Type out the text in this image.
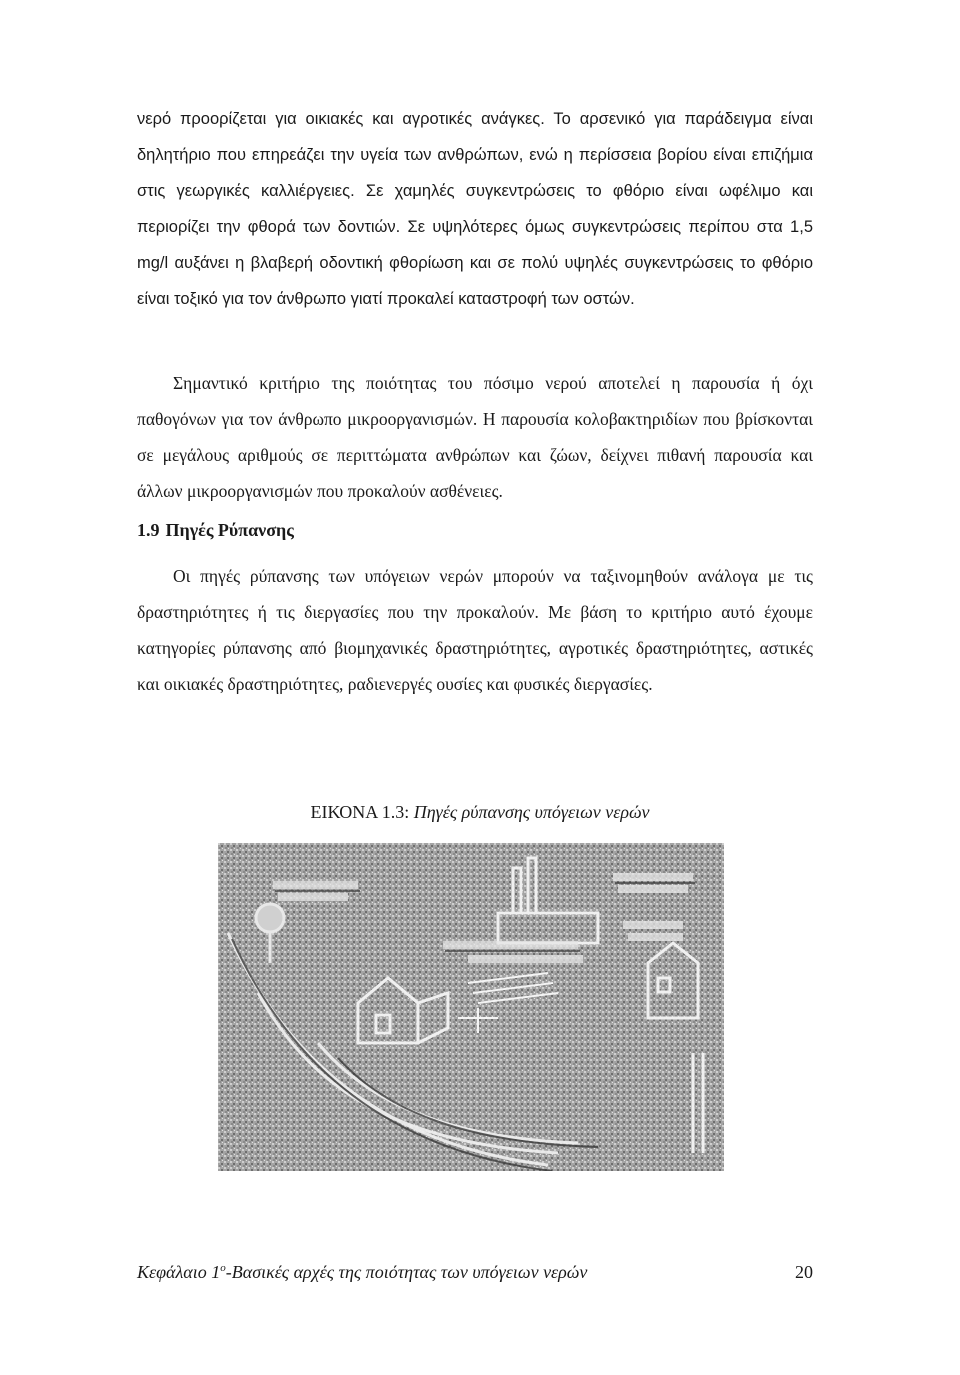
νερό προορίζεται για οικιακές και αγροτικές ανάγκες. Το αρσενικό για παράδειγμα είναι δηλητήριο που επηρεάζει την υγεία των ανθρώπων, ενώ η περίσσεια βορίου είναι επιζήμια στις γεωργικές καλλιέργειες. Σε χαμηλές συγκεντρώσεις το φθόριο είναι ωφέλιμο και περιορίζει την φθορά των δοντιών. Σε υψηλότερες όμως συγκεντρώσεις περίπου στα 1,5 mg/l αυξάνει η βλαβερή οδοντική φθορίωση και σε πολύ υψηλές συγκεντρώσεις το φθόριο είναι τοξικό για τον άνθρωπο γιατί προκαλεί καταστροφή των οστών.

Σημαντικό κριτήριο της ποιότητας του πόσιμο νερού αποτελεί η παρουσία ή όχι παθογόνων για τον άνθρωπο μικροοργανισμών. Η παρουσία κολοβακτηριδίων που βρίσκονται σε μεγάλους αριθμούς σε περιττώματα ανθρώπων και ζώων, δείχνει πιθανή παρουσία και άλλων μικροοργανισμών που προκαλούν ασθένειες.

1.9 Πηγές Ρύπανσης

Οι πηγές ρύπανσης των υπόγειων νερών μπορούν να ταξινομηθούν ανάλογα με τις δραστηριότητες ή τις διεργασίες που την προκαλούν. Με βάση το κριτήριο αυτό έχουμε κατηγορίες ρύπανσης από βιομηχανικές δραστηριότητες, αγροτικές δραστηριότητες, αστικές και οικιακές δραστηριότητες, ραδιενεργές ουσίες και φυσικές διεργασίες.

ΕΙΚΟΝΑ 1.3: Πηγές ρύπανσης υπόγειων νερών

Κεφάλαιο $1^o$-Βασικές αρχές της ποιότητας των υπόγειων νερών	20
